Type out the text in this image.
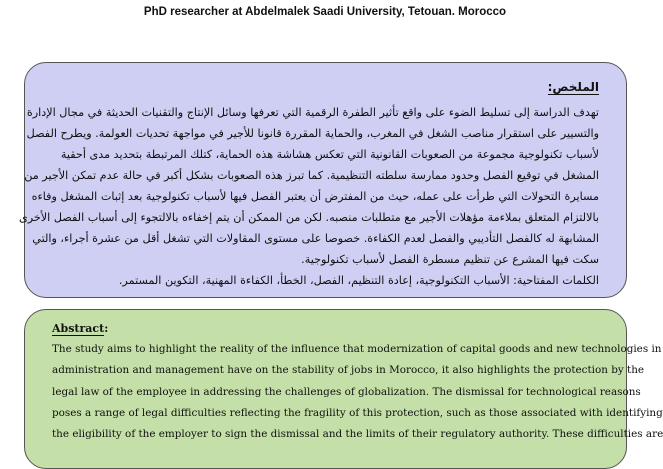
PhD researcher at Abdelmalek Saadi University, Tetouan. Morocco
الملخص:

تهدف الدراسة إلى تسليط الضوء على واقع تأثير الطفرة الرقمية التي تعرفها وسائل الإنتاج والتقنيات الحديثة في مجال الإدارة

والتسيير على استقرار مناصب الشغل في المغرب، والحماية المقررة قانونا للأجير في مواجهة تحديات العولمة. ويطرح الفصل

لأسباب تكنولوجية مجموعة من الصعوبات القانونية التي تعكس هشاشة هذه الحماية، كتلك المرتبطة بتحديد مدى أحقية

المشغل في توقيع الفصل وحدود ممارسة سلطته التنظيمية. كما تبرز هذه الصعوبات بشكل أكبر في حالة عدم تمكن الأجير من

مسايرة التحولات التي طرأت على عمله، حيث من المفترض أن يعتبر الفصل فيها لأسباب تكنولوجية بعد إثبات المشغل وفاءه

بالالتزام المتعلق بملاءمة مؤهلات الأجير مع متطلبات منصبه. لكن من الممكن أن يتم إخفاءه بالالتجوء إلى أسباب الفصل الأخرى

المشابهة له كالفصل التأديبي والفصل لعدم الكفاءة. خصوصا على مستوى المقاولات التي تشغل أقل من عشرة أجراء، والتي

سكت فيها المشرع عن تنظيم مسطرة الفصل لأسباب تكنولوجية.

الكلمات المفتاحية: الأسباب التكنولوجية، إعادة التنظيم، الفصل، الخطأ، الكفاءة المهنية، التكوين المستمر.

Abstract:

The study aims to highlight the reality of the influence that modernization of capital goods and new technologies in

administration and management have on the stability of jobs in Morocco, it also highlights the protection by the

legal law of the employee in addressing the challenges of globalization. The dismissal for technological reasons

poses a range of legal difficulties reflecting the fragility of this protection, such as those associated with identifying

the eligibility of the employer to sign the dismissal and the limits of their regulatory authority. These difficulties are
